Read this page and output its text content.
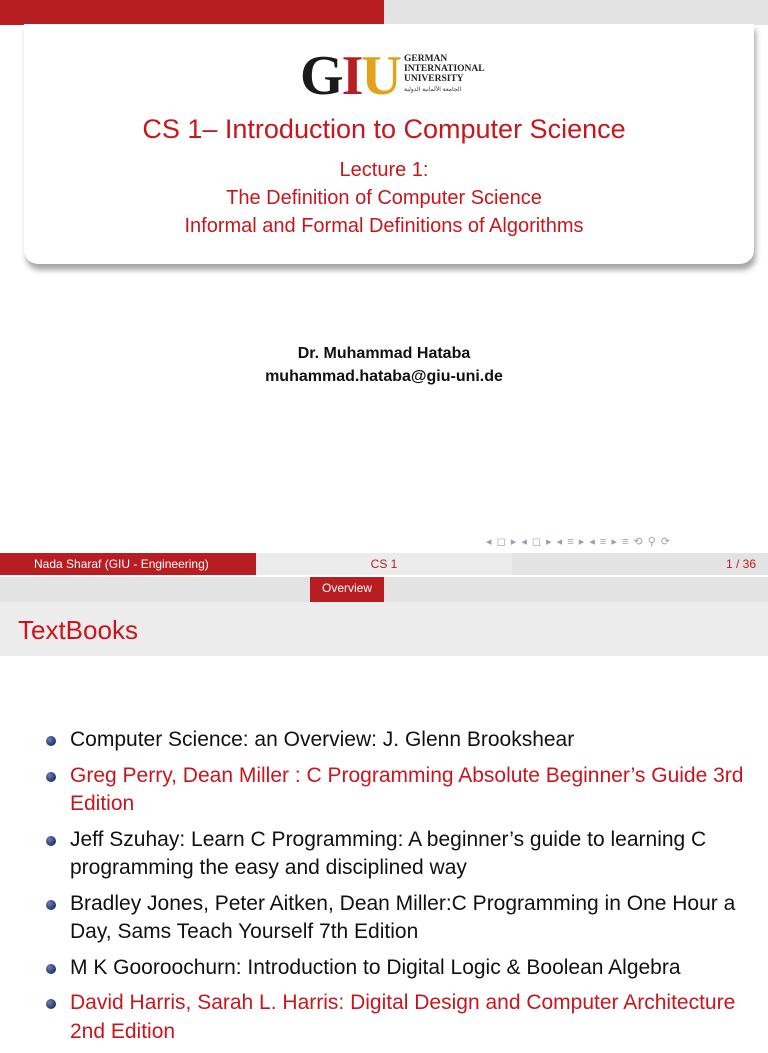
GIU GERMAN
INTERNATIONAL
UNIVERSITY
الجامعة الألمانية الدولية
CS 1– Introduction to Computer Science
Lecture 1:
The Definition of Computer Science
Informal and Formal Definitions of Algorithms
Dr. Muhammad Hataba
muhammad.hataba@giu-uni.de
◂ ◻ ▸ ◂ ◻ ▸ ◂ ≡ ▸ ◂ ≡ ▸ ≡ ⟲ ⚲ ⟳
Nada Sharaf (GIU - Engineering)	CS 1	1 / 36
Overview
TextBooks
Computer Science: an Overview: J. Glenn Brookshear
Greg Perry, Dean Miller : C Programming Absolute Beginner’s Guide 3rd Edition
Jeff Szuhay: Learn C Programming: A beginner’s guide to learning C programming the easy and disciplined way
Bradley Jones, Peter Aitken, Dean Miller:C Programming in One Hour a Day, Sams Teach Yourself 7th Edition
M K Gooroochurn: Introduction to Digital Logic & Boolean Algebra
David Harris, Sarah L. Harris: Digital Design and Computer Architecture 2nd Edition
